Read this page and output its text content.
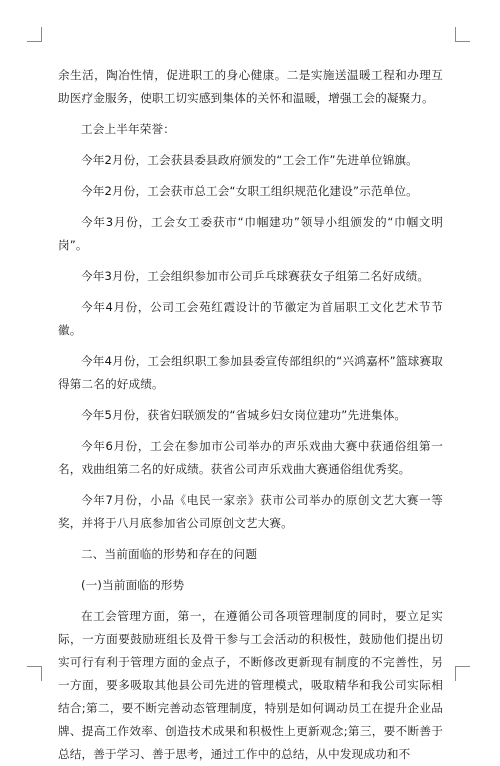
余生活，陶冶性情，促进职工的身心健康。二是实施送温暖工程和办理互助医疗金服务，使职工切实感到集体的关怀和温暖，增强工会的凝聚力。

工会上半年荣誉：

今年2月份，工会获县委县政府颁发的“工会工作”先进单位锦旗。

今年2月份，工会获市总工会“女职工组织规范化建设”示范单位。

今年3月份，工会女工委获市“巾帼建功”领导小组颁发的“巾帼文明岗”。

今年3月份，工会组织参加市公司乒乓球赛获女子组第二名好成绩。

今年4月份，公司工会苑红霞设计的节徽定为首届职工文化艺术节节徽。

今年4月份，工会组织职工参加县委宣传部组织的“兴鸿嘉杯”篮球赛取得第二名的好成绩。

今年5月份，获省妇联颁发的“省城乡妇女岗位建功”先进集体。

今年6月份，工会在参加市公司举办的声乐戏曲大赛中获通俗组第一名，戏曲组第二名的好成绩。获省公司声乐戏曲大赛通俗组优秀奖。

今年7月份，小品《电民一家亲》获市公司举办的原创文艺大赛一等奖，并将于八月底参加省公司原创文艺大赛。

二、当前面临的形势和存在的问题

(一)当前面临的形势

在工会管理方面，第一，在遵循公司各项管理制度的同时，要立足实际，一方面要鼓励班组长及骨干参与工会活动的积极性，鼓励他们提出切实可行有利于管理方面的金点子，不断修改更新现有制度的不完善性，另一方面，要多吸取其他县公司先进的管理模式，吸取精华和我公司实际相结合;第二，要不断完善动态管理制度，特别是如何调动员工在提升企业品牌、提高工作效率、创造技术成果和积极性上更新观念;第三，要不断善于总结，善于学习、善于思考，通过工作中的总结，从中发现成功和不
